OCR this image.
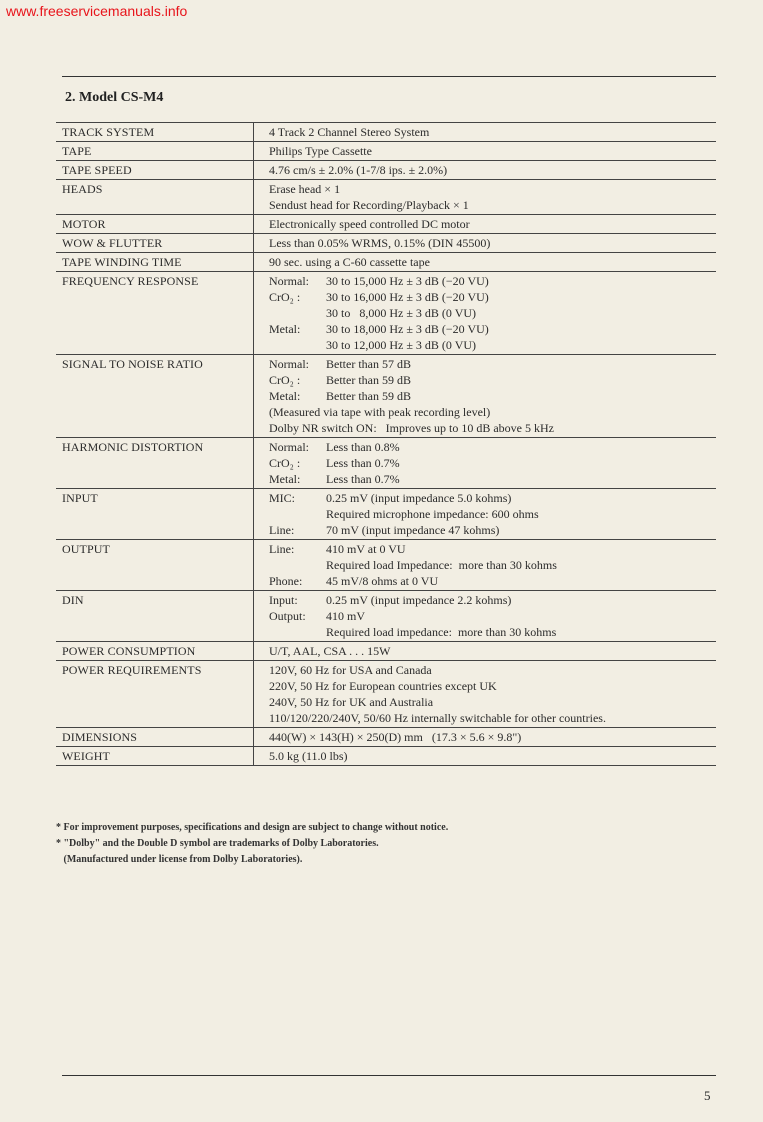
www.freeservicemanuals.info
2. Model CS-M4
TRACK SYSTEM	4 Track 2 Channel Stereo System
TAPE	Philips Type Cassette
TAPE SPEED	4.76 cm/s ± 2.0% (1-7/8 ips. ± 2.0%)
HEADS	Erase head × 1
Sendust head for Recording/Playback × 1
MOTOR	Electronically speed controlled DC motor
WOW & FLUTTER	Less than 0.05% WRMS, 0.15% (DIN 45500)
TAPE WINDING TIME	90 sec. using a C-60 cassette tape
FREQUENCY RESPONSE	Normal: 30 to 15,000 Hz ± 3 dB (−20 VU)
CrO₂ : 30 to 16,000 Hz ± 3 dB (−20 VU)
30 to   8,000 Hz ± 3 dB (0 VU)
Metal: 30 to 18,000 Hz ± 3 dB (−20 VU)
30 to 12,000 Hz ± 3 dB (0 VU)
SIGNAL TO NOISE RATIO	Normal: Better than 57 dB
CrO₂ : Better than 59 dB
Metal: Better than 59 dB
(Measured via tape with peak recording level)
Dolby NR switch ON:   Improves up to 10 dB above 5 kHz
HARMONIC DISTORTION	Normal: Less than 0.8%
CrO₂ : Less than 0.7%
Metal: Less than 0.7%
INPUT	MIC:	0.25 mV (input impedance 5.0 kohms)
Required microphone impedance: 600 ohms
Line:	70 mV (input impedance 47 kohms)
OUTPUT	Line:	410 mV at 0 VU
Required load Impedance:  more than 30 kohms
Phone: 45 mV/8 ohms at 0 VU
DIN	Input: 0.25 mV (input impedance 2.2 kohms)
Output: 410 mV
Required load impedance:  more than 30 kohms
POWER CONSUMPTION	U/T, AAL, CSA . . . 15W
POWER REQUIREMENTS	120V, 60 Hz for USA and Canada
220V, 50 Hz for European countries except UK
240V, 50 Hz for UK and Australia
110/120/220/240V, 50/60 Hz internally switchable for other countries.
DIMENSIONS	440(W) × 143(H) × 250(D) mm   (17.3 × 5.6 × 9.8")
WEIGHT	5.0 kg (11.0 lbs)
* For improvement purposes, specifications and design are subject to change without notice.
* "Dolby" and the Double D symbol are trademarks of Dolby Laboratories.
(Manufactured under license from Dolby Laboratories).
5
